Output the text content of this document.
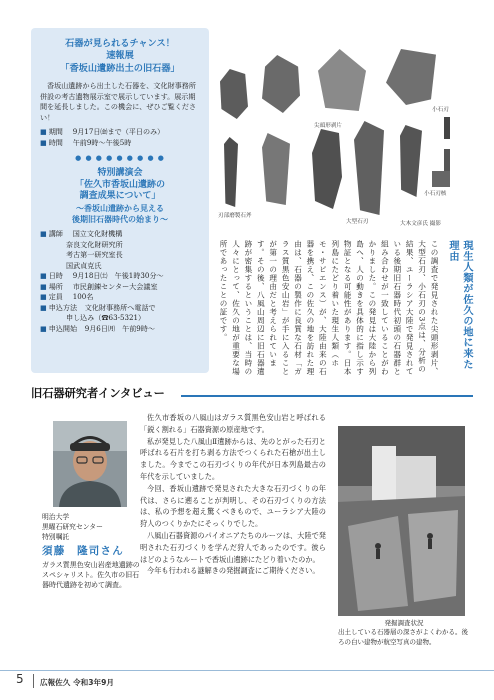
石器が見られるチャンス！
速報展
「香坂山遺跡出土の旧石器」
香坂山遺跡から出土した石器を、文化財事務所併設の考古遺物展示室で展示しています。展示期間を延長しました。この機会に、ぜひご覧ください！
■ 期間	9月17日㈮まで（平日のみ）
■ 時間	午前9時～午後5時
● ● ● ● ● ● ● ● ●
特別講演会
「佐久市香坂山遺跡の
調査成果について」
～香坂山遺跡から見える
後期旧石器時代の始まり～
■ 講師	国立文化財機構
奈良文化財研究所
考古第一研究室長
国武貞克氏
■ 日時	9月18日㈯　午後1時30分～
■ 場所	市民創錬センター大会議室
■ 定員	100名
■ 申込方法	文化財事務所へ電話で
申し込み（☎63-5321）
■ 申込開始	9月6日㈪　午前9時～
尖頭形剥片
大型石刃
刃部磨製石斧
小石刃
小石刃核
大木文彦氏 撮影
現生人類が佐久の地に来た理由
この調査で発見された尖頭形剥片、大型石刃、小石刃の3点は、分析の結果、ユーラシア大陸で発見されている後期旧石器時代初頭の石器群と組み合わせが一致していることがわかりました。この発見は大陸から列島へ、人の動きを具体的に指し示す物証となる可能性があります。日本列島にたどり着いた現生人類（ホモ・サピエンス）が、大陸由来の石器を携え、この佐久の地を訪れた理由は、石器の製作に良質な石材「ガラス質黒色安山岩」が手に入ることが第一の理由だと考えられています。その後、八風山周辺に旧石器遺跡が密集するということは、当時の人々にとって、佐久の地が重要な場所であったことの証です。
旧石器研究者インタビュー
明治大学
黒曜石研究センター
特別嘱託
須藤　隆司さん
ガラス質黒色安山岩産地遺跡のスペシャリスト。佐久市の旧石器時代遺跡を初めて調査。

佐久市香坂の八風山はガラス質黒色安山岩と呼ばれる「鋭く割れる」石器資源の原産地です。

私が発見した八風山Ⅱ遺跡からは、先のとがった石刃と呼ばれる石片を打ち剥る方法でつくられた石槍が出土しました。今までこの石刃づくりの年代が日本列島最古の年代を示していました。

今回、香坂山遺跡で発見された大きな石刃づくりの年代は、さらに遡ることが判明し、その石刃づくりの方法は、私の予想を超え驚くべきもので、ユーラシア大陸の狩人のつくりかたにそっくりでした。

八風山石器資源のパイオニアたちのルーツは、大陸で発明された石刃づくりを学んだ狩人であったのです。彼らはどのようなルートで香坂山遺跡にたどり着いたのか。

今年も行われる謎解きの発掘調査にご期待ください。

発掘調査状況
出土している石器層の深さがよくわかる。後ろの白い建物が航空写真の建物。
5 広報佐久 令和3年9月
